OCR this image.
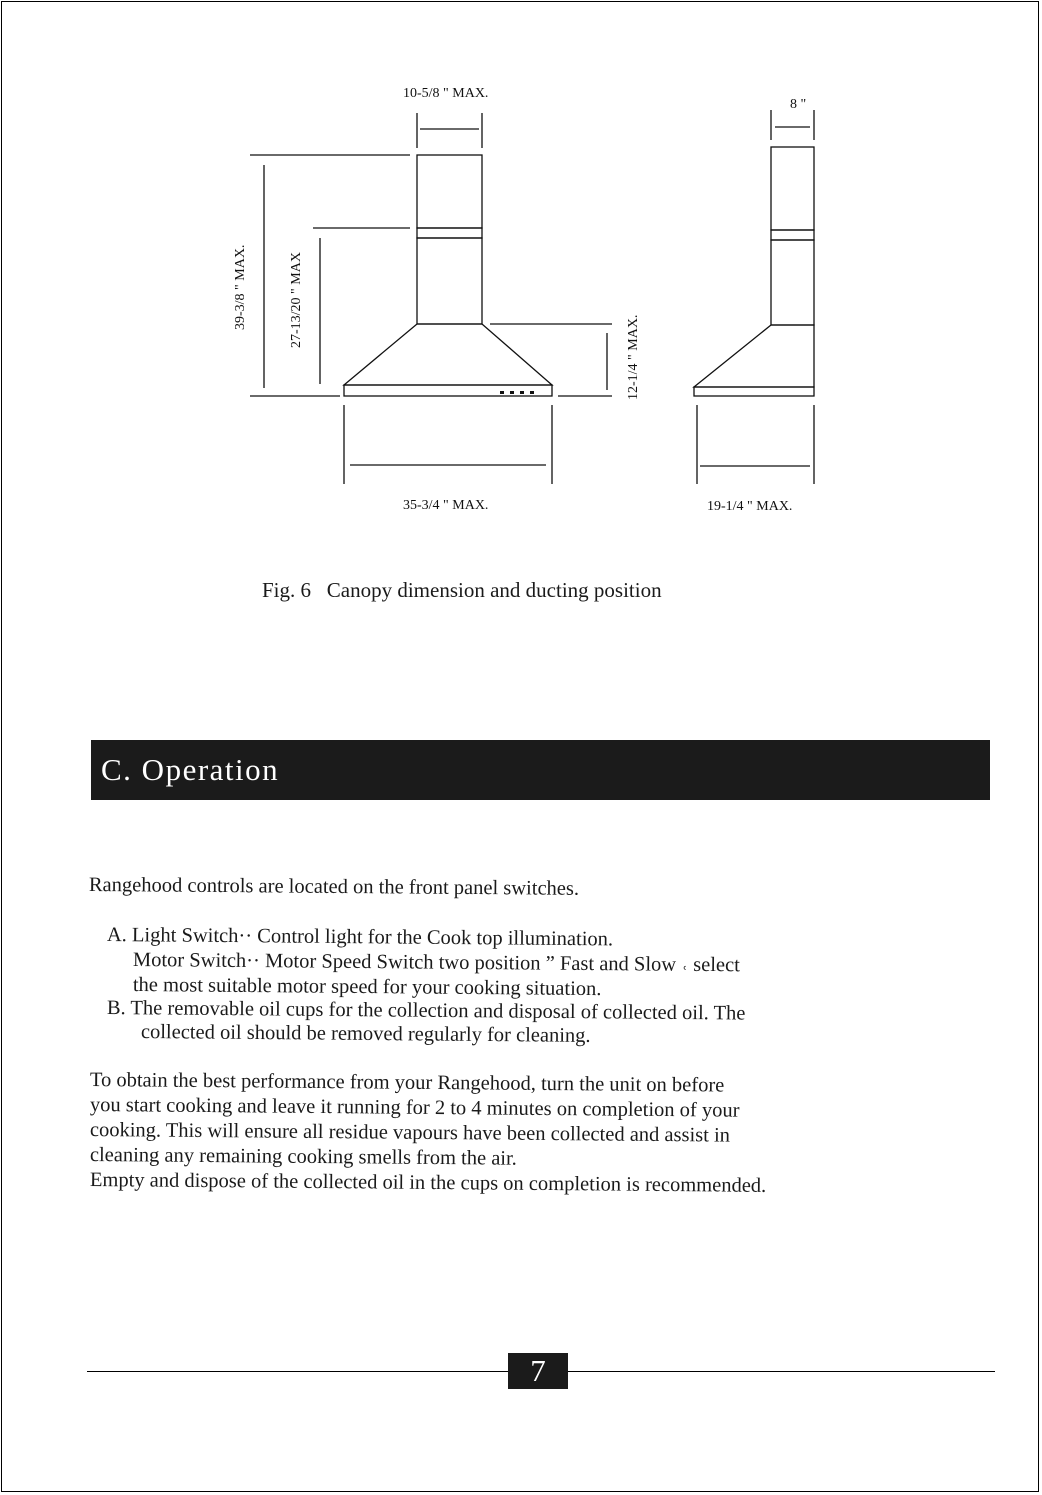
10-5/8 " MAX.
8 "
39-3/8 " MAX.	27-13/20 " MAX
12-1/4 " MAX.
35-3/4 " MAX.	19-1/4 " MAX.
Fig. 6   Canopy dimension and ducting position
C. Operation
Rangehood controls are located on the front panel switches.
A. Light Switch·· Control light for the Cook top illumination.
Motor Switch·· Motor Speed Switch two position ˮ Fast and Slow ˓ select
the most suitable motor speed for your cooking situation.
B. The removable oil cups for the collection and disposal of collected oil. The
collected oil should be removed regularly for cleaning.
To obtain the best performance from your Rangehood, turn the unit on before
you start cooking and leave it running for 2 to 4 minutes on completion of your
cooking. This will ensure all residue vapours have been collected and assist in
cleaning any remaining cooking smells from the air.
Empty and dispose of the collected oil in the cups on completion is recommended.
7
